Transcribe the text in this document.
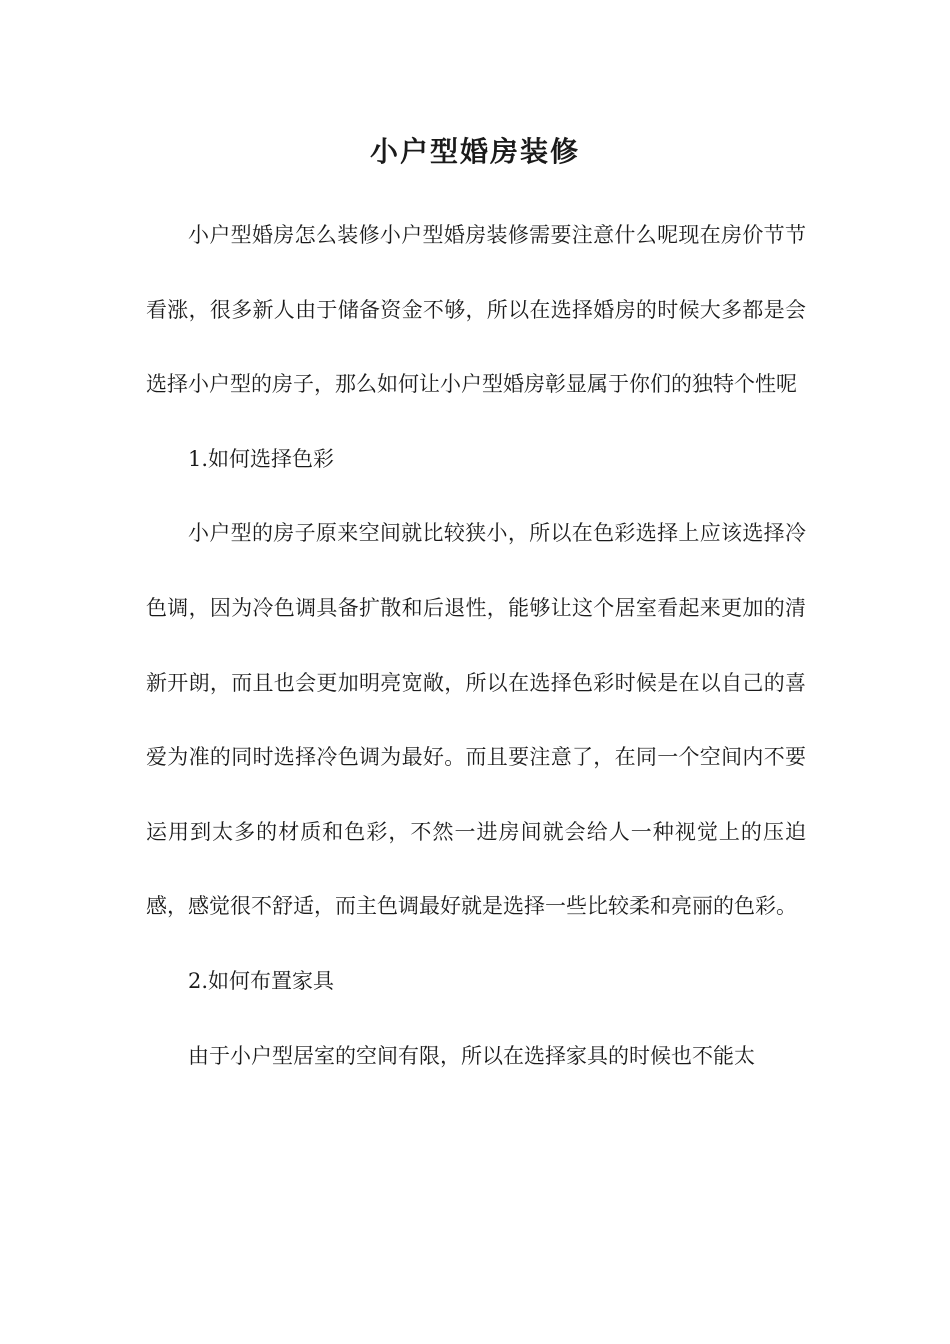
小户型婚房装修

小户型婚房怎么装修小户型婚房装修需要注意什么呢现在房价节节看涨，很多新人由于储备资金不够，所以在选择婚房的时候大多都是会选择小户型的房子，那么如何让小户型婚房彰显属于你们的独特个性呢

1.如何选择色彩

小户型的房子原来空间就比较狭小，所以在色彩选择上应该选择冷色调，因为冷色调具备扩散和后退性，能够让这个居室看起来更加的清新开朗，而且也会更加明亮宽敞，所以在选择色彩时候是在以自己的喜爱为准的同时选择冷色调为最好。而且要注意了，在同一个空间内不要运用到太多的材质和色彩，不然一进房间就会给人一种视觉上的压迫感，感觉很不舒适，而主色调最好就是选择一些比较柔和亮丽的色彩。

2.如何布置家具

由于小户型居室的空间有限，所以在选择家具的时候也不能太
